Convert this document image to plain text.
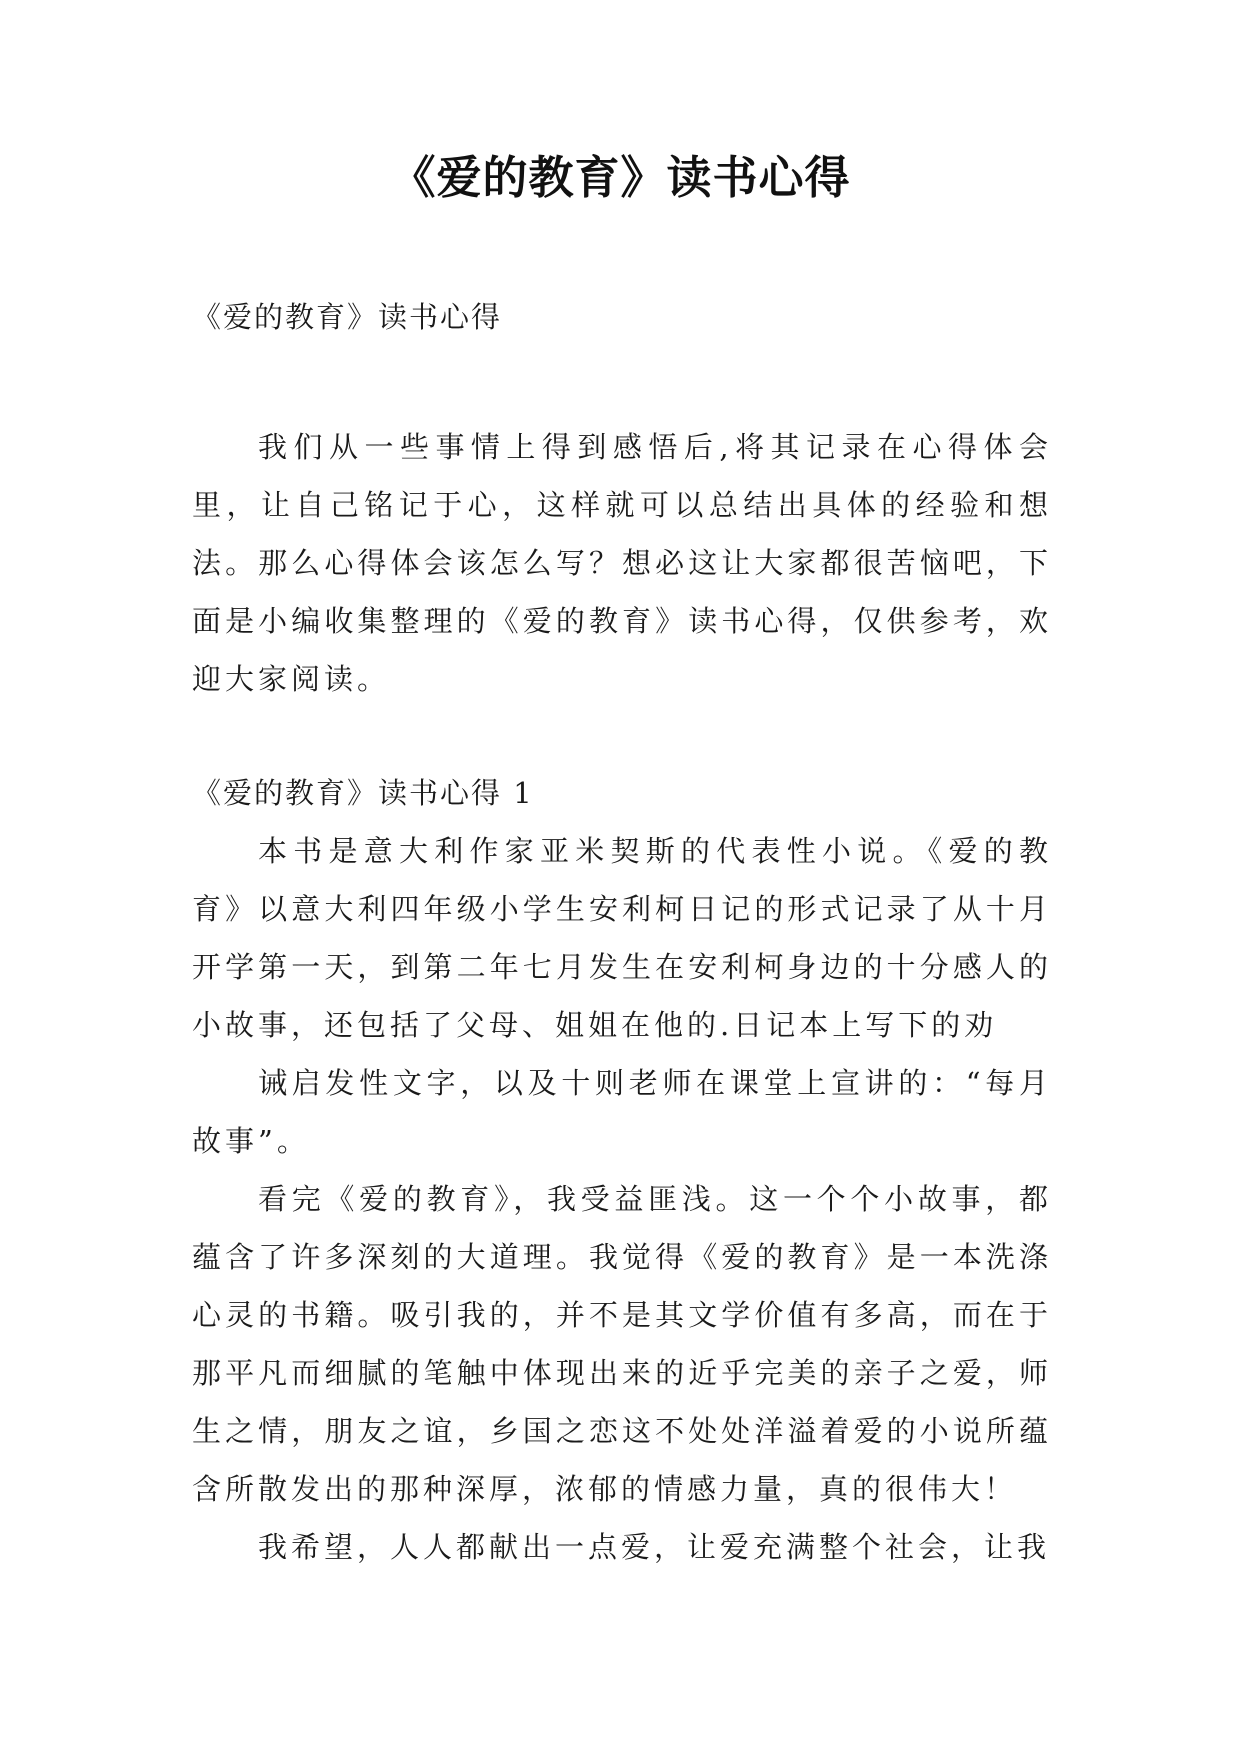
《爱的教育》读书心得

《爱的教育》读书心得

我们从一些事情上得到感悟后,将其记录在心得体会里，让自己铭记于心，这样就可以总结出具体的经验和想法。那么心得体会该怎么写？想必这让大家都很苦恼吧，下面是小编收集整理的《爱的教育》读书心得，仅供参考，欢迎大家阅读。

《爱的教育》读书心得 1

本书是意大利作家亚米契斯的代表性小说。《爱的教育》以意大利四年级小学生安利柯日记的形式记录了从十月开学第一天，到第二年七月发生在安利柯身边的十分感人的小故事，还包括了父母、姐姐在他的.日记本上写下的劝

诫启发性文字，以及十则老师在课堂上宣讲的：“每月故事”。

看完《爱的教育》，我受益匪浅。这一个个小故事，都蕴含了许多深刻的大道理。我觉得《爱的教育》是一本洗涤心灵的书籍。吸引我的，并不是其文学价值有多高，而在于那平凡而细腻的笔触中体现出来的近乎完美的亲子之爱，师生之情，朋友之谊，乡国之恋这不处处洋溢着爱的小说所蕴含所散发出的那种深厚，浓郁的情感力量，真的很伟大！

我希望，人人都献出一点爱，让爱充满整个社会，让我
